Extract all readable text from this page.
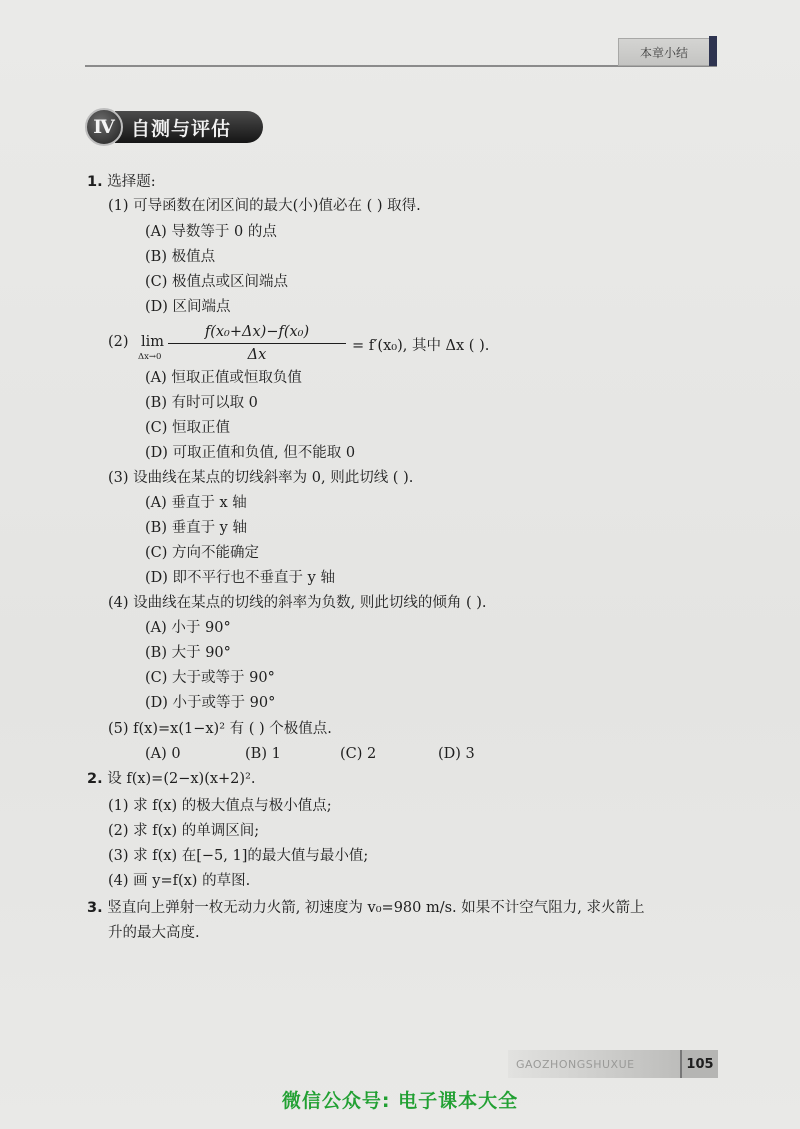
本章小结
自测与评估
Ⅳ
1. 选择题:
(1) 可导函数在闭区间的最大(小)值必在 ( ) 取得.
(A) 导数等于 0 的点
(B) 极值点
(C) 极值点或区间端点
(D) 区间端点
(2) lim
Δx→0
f(x₀+Δx)−f(x₀)
Δx
= f′(x₀), 其中 Δx ( ).
(A) 恒取正值或恒取负值
(B) 有时可以取 0
(C) 恒取正值
(D) 可取正值和负值, 但不能取 0
(3) 设曲线在某点的切线斜率为 0, 则此切线 ( ).
(A) 垂直于 x 轴
(B) 垂直于 y 轴
(C) 方向不能确定
(D) 即不平行也不垂直于 y 轴
(4) 设曲线在某点的切线的斜率为负数, 则此切线的倾角 ( ).
(A) 小于 90°
(B) 大于 90°
(C) 大于或等于 90°
(D) 小于或等于 90°
(5) f(x)=x(1−x)² 有 ( ) 个极值点.
(A) 0	(B) 1	(C) 2	(D) 3
2. 设 f(x)=(2−x)(x+2)².
(1) 求 f(x) 的极大值点与极小值点;
(2) 求 f(x) 的单调区间;
(3) 求 f(x) 在[−5, 1]的最大值与最小值;
(4) 画 y=f(x) 的草图.
3. 竖直向上弹射一枚无动力火箭, 初速度为 v₀=980 m/s. 如果不计空气阻力, 求火箭上
升的最大高度.
GAOZHONGSHUXUE	105
微信公众号: 电子课本大全
